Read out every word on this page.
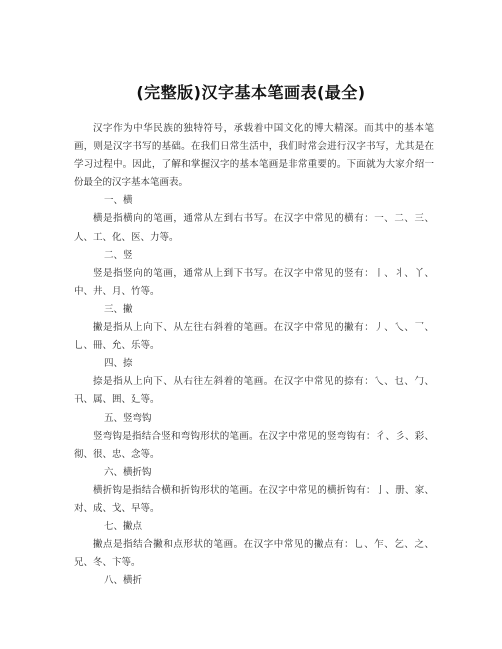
(完整版)汉字基本笔画表(最全)

汉字作为中华民族的独特符号，承载着中国文化的博大精深。而其中的基本笔画，则是汉字书写的基础。在我们日常生活中，我们时常会进行汉字书写，尤其是在学习过程中。因此，了解和掌握汉字的基本笔画是非常重要的。下面就为大家介绍一份最全的汉字基本笔画表。

一、横

横是指横向的笔画，通常从左到右书写。在汉字中常见的横有：一、二、三、人、工、化、医、力等。

二、竖

竖是指竖向的笔画，通常从上到下书写。在汉字中常见的竖有：丨、丬、丫、中、井、月、竹等。

三、撇

撇是指从上向下、从左往右斜着的笔画。在汉字中常见的撇有：丿、乀、乛、乚、冊、允、乐等。

四、捺

捺是指从上向下、从右往左斜着的笔画。在汉字中常见的捺有：乀、乜、勹、卂、属、囲、廴等。

五、竖弯钩

竖弯钩是指结合竖和弯钩形状的笔画。在汉字中常见的竖弯钩有：彳、彡、彩、彻、很、忠、念等。

六、横折钩

横折钩是指结合横和折钩形状的笔画。在汉字中常见的横折钩有：亅、册、家、对、成、戈、早等。

七、撇点

撇点是指结合撇和点形状的笔画。在汉字中常见的撇点有：乚、乍、乞、之、兄、冬、卞等。

八、横折
